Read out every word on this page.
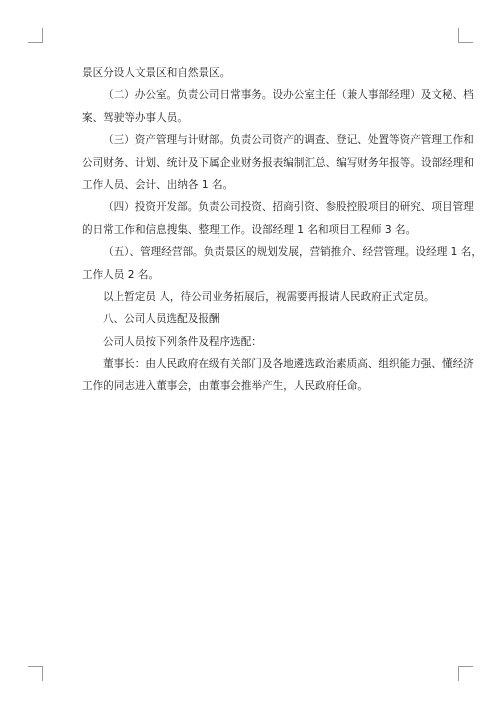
景区分设人文景区和自然景区。
（二）办公室。负责公司日常事务。设办公室主任（兼人事部经理）及文秘、档
案、驾驶等办事人员。
（三）资产管理与计财部。负责公司资产的调查、登记、处置等资产管理工作和
公司财务、计划、统计及下属企业财务报表编制汇总、编写财务年报等。设部经理和
工作人员、会计、出纳各 1 名。
（四）投资开发部。负责公司投资、招商引资、参股控股项目的研究、项目管理
的日常工作和信息搜集、整理工作。设部经理 1 名和项目工程师 3 名。
（五）、管理经营部。负责景区的规划发展，营销推介、经营管理。设经理 1 名，
工作人员 2 名。
以上暂定员 人，待公司业务拓展后，视需要再报请人民政府正式定员。
八、公司人员选配及报酬
公司人员按下列条件及程序选配：
董事长：由人民政府在级有关部门及各地遴选政治素质高、组织能力强、懂经济
工作的同志进入董事会，由董事会推举产生，人民政府任命。
